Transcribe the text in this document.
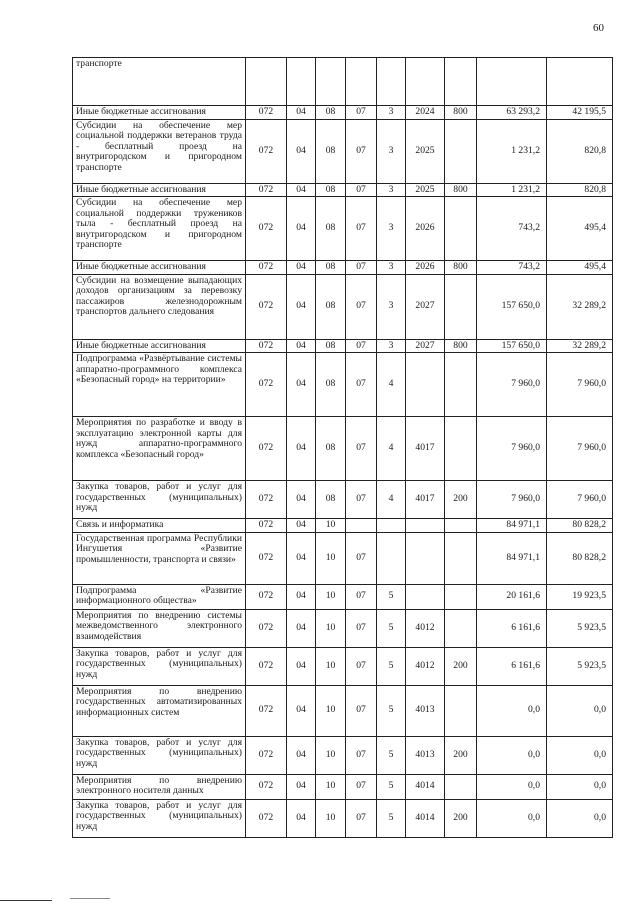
60
транспорте									
Иные бюджетные ассигнования	072	04	08	07	3	2024	800	63 293,2	42 195,5
Субсидии на обеспечение мер социальной поддержки ветеранов труда - бесплатный проезд на внутригородском и пригородном транспорте	072	04	08	07	3	2025		1 231,2	820,8
Иные бюджетные ассигнования	072	04	08	07	3	2025	800	1 231,2	820,8
Субсидии на обеспечение мер социальной поддержки тружеников тыла - бесплатный проезд на внутригородском и пригородном транспорте	072	04	08	07	3	2026		743,2	495,4
Иные бюджетные ассигнования	072	04	08	07	3	2026	800	743,2	495,4
Субсидии на возмещение выпадающих доходов организациям за перевозку пассажиров железнодорожным транспортов дальнего следования	072	04	08	07	3	2027		157 650,0	32 289,2
Иные бюджетные ассигнования	072	04	08	07	3	2027	800	157 650,0	32 289,2
Подпрограмма «Развёртывание системы аппаратно-программного комплекса «Безопасный город» на территории»	072	04	08	07	4			7 960,0	7 960,0
Мероприятия по разработке и вводу в эксплуатацию электронной карты для нужд аппаратно-программного комплекса «Безопасный город»	072	04	08	07	4	4017		7 960,0	7 960,0
Закупка товаров, работ и услуг для государственных (муниципальных) нужд	072	04	08	07	4	4017	200	7 960,0	7 960,0
Связь и информатика	072	04	10					84 971,1	80 828,2
Государственная программа Республики Ингушетия «Развитие промышленности, транспорта и связи»	072	04	10	07				84 971,1	80 828,2
Подпрограмма «Развитие информационного общества»	072	04	10	07	5			20 161,6	19 923,5
Мероприятия по внедрению системы межведомственного электронного взаимодействия	072	04	10	07	5	4012		6 161,6	5 923,5
Закупка товаров, работ и услуг для государственных (муниципальных) нужд	072	04	10	07	5	4012	200	6 161,6	5 923,5
Мероприятия по внедрению государственных автоматизированных информационных систем	072	04	10	07	5	4013		0,0	0,0
Закупка товаров, работ и услуг для государственных (муниципальных) нужд	072	04	10	07	5	4013	200	0,0	0,0
Мероприятия по внедрению электронного носителя данных	072	04	10	07	5	4014		0,0	0,0
Закупка товаров, работ и услуг для государственных (муниципальных) нужд	072	04	10	07	5	4014	200	0,0	0,0
